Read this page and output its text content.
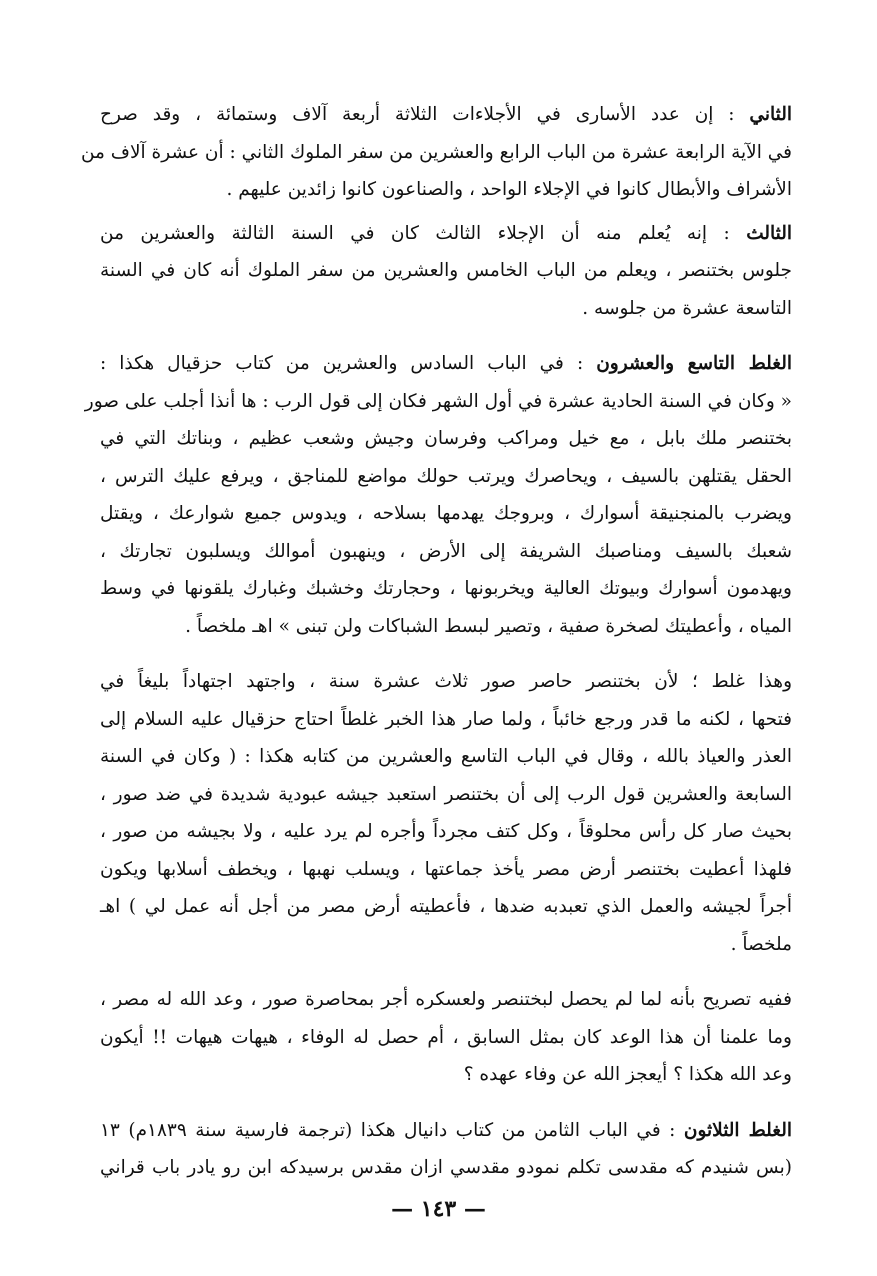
الثاني : إن عدد الأسارى في الأجلاءات الثلاثة أربعة آلاف وستمائة ، وقد صرح
في الآية الرابعة عشرة من الباب الرابع والعشرين من سفر الملوك الثاني : أن عشرة آلاف من
الأشراف والأبطال كانوا في الإجلاء الواحد ، والصناعون كانوا زائدين عليهم .
الثالث : إنه يُعلم منه أن الإجلاء الثالث كان في السنة الثالثة والعشرين من
جلوس بختنصر ، ويعلم من الباب الخامس والعشرين من سفر الملوك أنه كان في السنة
التاسعة عشرة من جلوسه .
الغلط التاسع والعشرون : في الباب السادس والعشرين من كتاب حزقيال هكذا :
« وكان في السنة الحادية عشرة في أول الشهر فكان إلى قول الرب : ها أنذا أجلب على صور
بختنصر ملك بابل ، مع خيل ومراكب وفرسان وجيش وشعب عظيم ، وبناتك التي في
الحقل يقتلهن بالسيف ، ويحاصرك ويرتب حولك مواضع للمناجق ، ويرفع عليك الترس ،
ويضرب بالمنجنيقة أسوارك ، وبروجك يهدمها بسلاحه ، ويدوس جميع شوارعك ، ويقتل
شعبك بالسيف ومناصبك الشريفة إلى الأرض ، وينهبون أموالك ويسلبون تجارتك ،
ويهدمون أسوارك وبيوتك العالية ويخربونها ، وحجارتك وخشبك وغبارك يلقونها في وسط
المياه ، وأعطيتك لصخرة صفية ، وتصير لبسط الشباكات ولن تبنى » اهـ ملخصاً .
وهذا غلط ؛ لأن بختنصر حاصر صور ثلاث عشرة سنة ، واجتهد اجتهاداً بليغاً في
فتحها ، لكنه ما قدر ورجع خائباً ، ولما صار هذا الخبر غلطاً احتاج حزقيال عليه السلام إلى
العذر والعياذ بالله ، وقال في الباب التاسع والعشرين من كتابه هكذا : ( وكان في السنة
السابعة والعشرين قول الرب إلى أن بختنصر استعبد جيشه عبودية شديدة في ضد صور ،
بحيث صار كل رأس محلوقاً ، وكل كتف مجرداً وأجره لم يرد عليه ، ولا بجيشه من صور ،
فلهذا أعطيت بختنصر أرض مصر يأخذ جماعتها ، ويسلب نهبها ، ويخطف أسلابها ويكون
أجراً لجيشه والعمل الذي تعبدبه ضدها ، فأعطيته أرض مصر من أجل أنه عمل لي ) اهـ
ملخصاً .
ففيه تصريح بأنه لما لم يحصل لبختنصر ولعسكره أجر بمحاصرة صور ، وعد الله له مصر ،
وما علمنا أن هذا الوعد كان بمثل السابق ، أم حصل له الوفاء ، هيهات هيهات !! أيكون
وعد الله هكذا ؟ أيعجز الله عن وفاء عهده ؟
الغلط الثلاثون : في الباب الثامن من كتاب دانيال هكذا (ترجمة فارسية سنة ١٨٣٩م) ١٣
(بس شنيدم كه مقدسى تكلم نمودو مقدسي ازان مقدس برسيدكه ابن رو يادر باب قراني
— ١٤٣ —
